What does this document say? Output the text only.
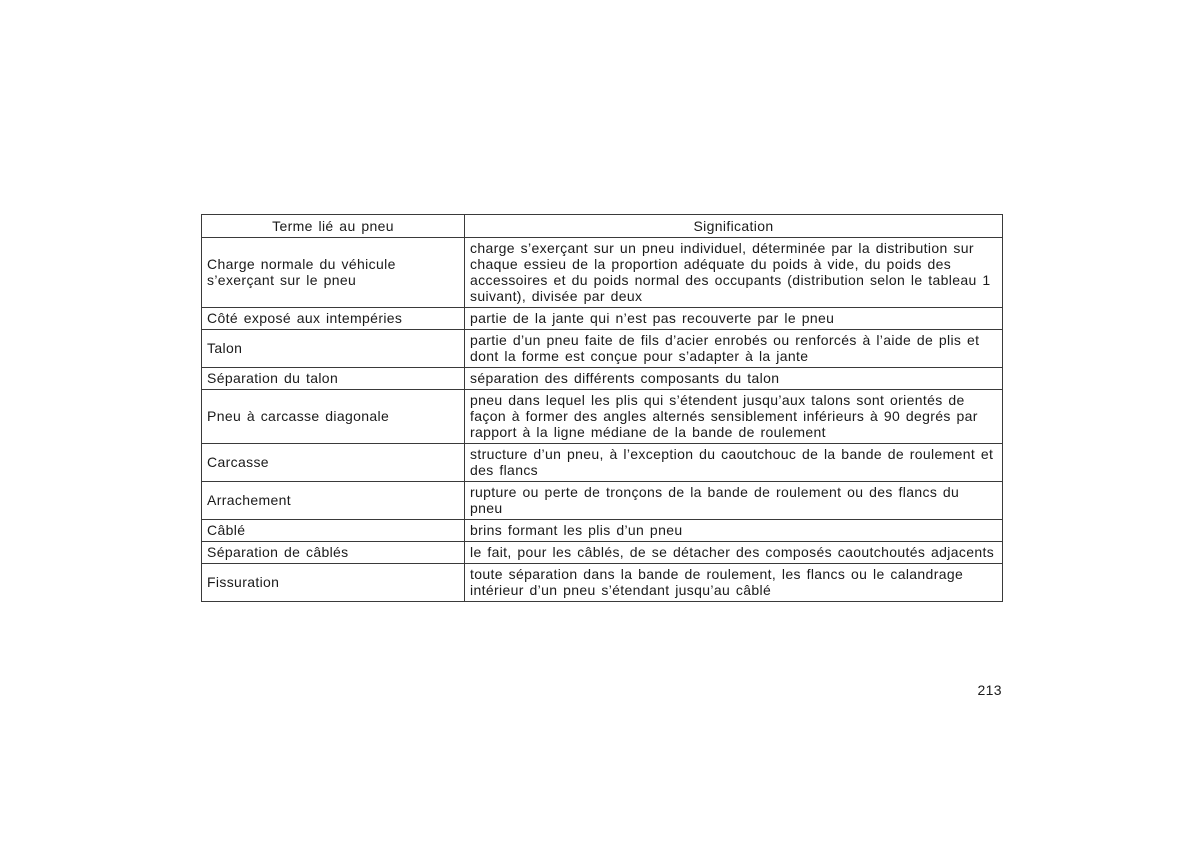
Terme lié au pneu	Signification
Charge normale du véhicule s’exerçant sur le pneu	charge s’exerçant sur un pneu individuel, déterminée par la distribution sur chaque essieu de la proportion adéquate du poids à vide, du poids des accessoires et du poids normal des occupants (distribution selon le tableau 1 suivant), divisée par deux
Côté exposé aux intempéries	partie de la jante qui n’est pas recouverte par le pneu
Talon	partie d’un pneu faite de fils d’acier enrobés ou renforcés à l’aide de plis et dont la forme est conçue pour s’adapter à la jante
Séparation du talon	séparation des différents composants du talon
Pneu à carcasse diagonale	pneu dans lequel les plis qui s’étendent jusqu’aux talons sont orientés de façon à former des angles alternés sensiblement inférieurs à 90 degrés par rapport à la ligne médiane de la bande de roulement
Carcasse	structure d’un pneu, à l’exception du caoutchouc de la bande de roulement et des flancs
Arrachement	rupture ou perte de tronçons de la bande de roulement ou des flancs du pneu
Câblé	brins formant les plis d’un pneu
Séparation de câblés	le fait, pour les câblés, de se détacher des composés caoutchoutés adjacents
Fissuration	toute séparation dans la bande de roulement, les flancs ou le calandrage intérieur d’un pneu s’étendant jusqu’au câblé
213
